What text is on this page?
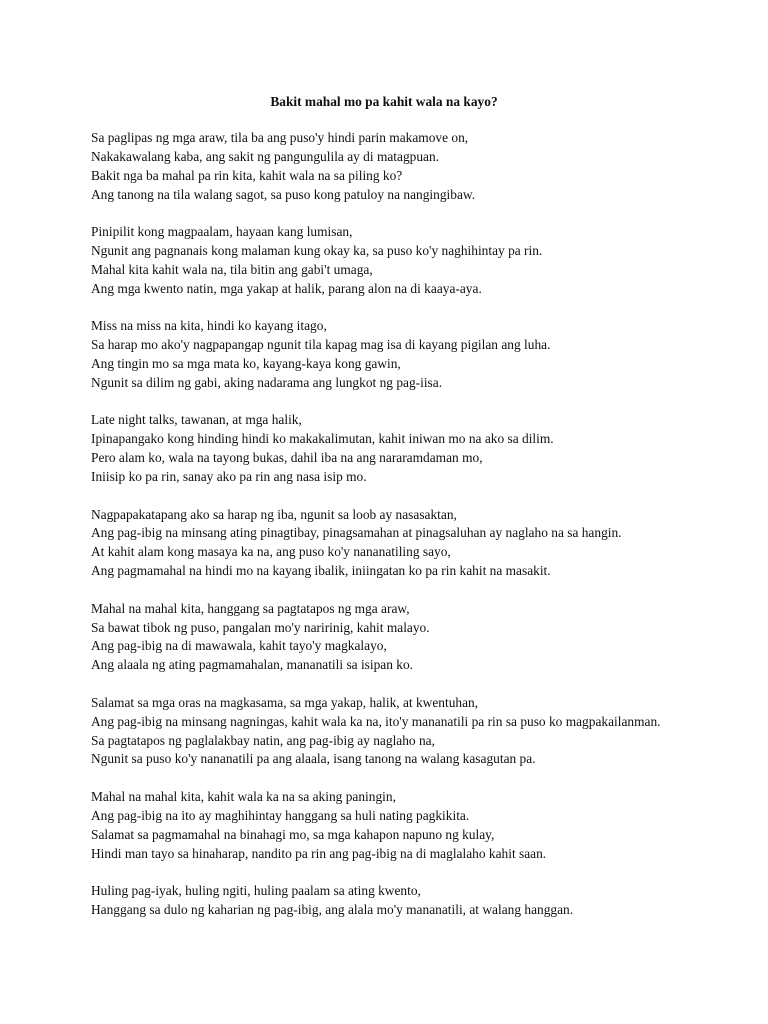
Bakit mahal mo pa kahit wala na kayo?
Sa paglipas ng mga araw, tila ba ang puso'y hindi parin makamove on,
Nakakawalang kaba, ang sakit ng pangungulila ay di matagpuan.
Bakit nga ba mahal pa rin kita, kahit wala na sa piling ko?
Ang tanong na tila walang sagot, sa puso kong patuloy na nangingibaw.
Pinipilit kong magpaalam, hayaan kang lumisan,
Ngunit ang pagnanais kong malaman kung okay ka, sa puso ko'y naghihintay pa rin.
Mahal kita kahit wala na, tila bitin ang gabi't umaga,
Ang mga kwento natin, mga yakap at halik, parang alon na di kaaya-aya.
Miss na miss na kita, hindi ko kayang itago,
Sa harap mo ako'y nagpapangap ngunit tila kapag mag isa di kayang pigilan ang luha.
Ang tingin mo sa mga mata ko, kayang-kaya kong gawin,
Ngunit sa dilim ng gabi, aking nadarama ang lungkot ng pag-iisa.
Late night talks, tawanan, at mga halik,
Ipinapangako kong hinding hindi ko makakalimutan, kahit iniwan mo na ako sa dilim.
Pero alam ko, wala na tayong bukas, dahil iba na ang nararamdaman mo,
Iniisip ko pa rin, sanay ako pa rin ang nasa isip mo.
Nagpapakatapang ako sa harap ng iba, ngunit sa loob ay nasasaktan,
Ang pag-ibig na minsang ating pinagtibay, pinagsamahan at pinagsaluhan ay naglaho na sa hangin.
At kahit alam kong masaya ka na, ang puso ko'y nananatiling sayo,
Ang pagmamahal na hindi mo na kayang ibalik, iniingatan ko pa rin kahit na masakit.
Mahal na mahal kita, hanggang sa pagtatapos ng mga araw,
Sa bawat tibok ng puso, pangalan mo'y naririnig, kahit malayo.
Ang pag-ibig na di mawawala, kahit tayo'y magkalayo,
Ang alaala ng ating pagmamahalan, mananatili sa isipan ko.
Salamat sa mga oras na magkasama, sa mga yakap, halik, at kwentuhan,
Ang pag-ibig na minsang nagningas, kahit wala ka na, ito'y mananatili pa rin sa puso ko magpakailanman.
Sa pagtatapos ng paglalakbay natin, ang pag-ibig ay naglaho na,
Ngunit sa puso ko'y nananatili pa ang alaala, isang tanong na walang kasagutan pa.
Mahal na mahal kita, kahit wala ka na sa aking paningin,
Ang pag-ibig na ito ay maghihintay hanggang sa huli nating pagkikita.
Salamat sa pagmamahal na binahagi mo, sa mga kahapon napuno ng kulay,
Hindi man tayo sa hinaharap, nandito pa rin ang pag-ibig na di maglalaho kahit saan.
Huling pag-iyak, huling ngiti, huling paalam sa ating kwento,
Hanggang sa dulo ng kaharian ng pag-ibig, ang alala mo'y mananatili, at walang hanggan.
